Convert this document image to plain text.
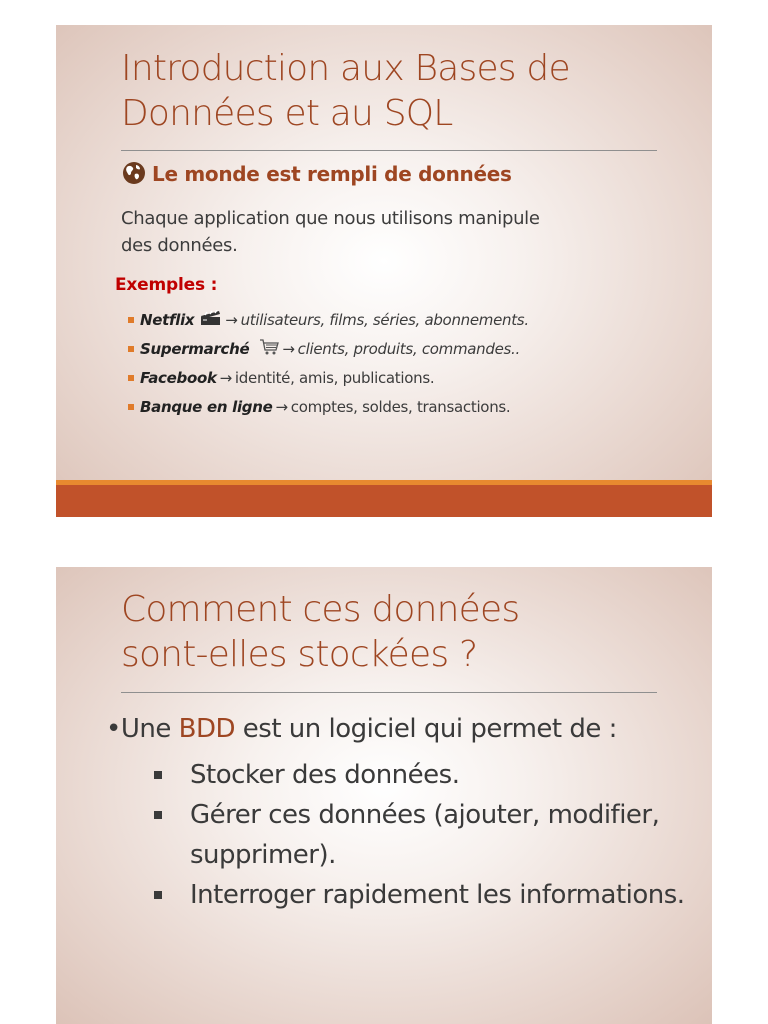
Introduction aux Bases de
Données et au SQL
Le monde est rempli de données
Chaque application que nous utilisons manipule
des données.
Exemples :
Netflix → utilisateurs, films, séries, abonnements.
Supermarché → clients, produits, commandes..
Facebook → identité, amis, publications.
Banque en ligne → comptes, soldes, transactions.
Comment ces données
sont-elles stockées ?
•Une BDD est un logiciel qui permet de :
Stocker des données.
Gérer ces données (ajouter, modifier, supprimer).
Interroger rapidement les informations.
